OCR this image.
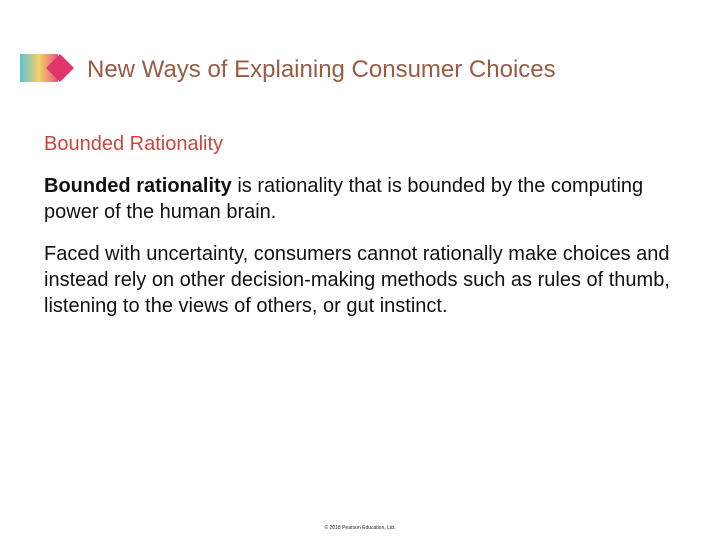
New Ways of Explaining Consumer Choices
Bounded Rationality

Bounded rationality is rationality that is bounded by the computing power of the human brain.

Faced with uncertainty, consumers cannot rationally make choices and instead rely on other decision-making methods such as rules of thumb, listening to the views of others, or gut instinct.

© 2018 Pearson Education, Ltd.
